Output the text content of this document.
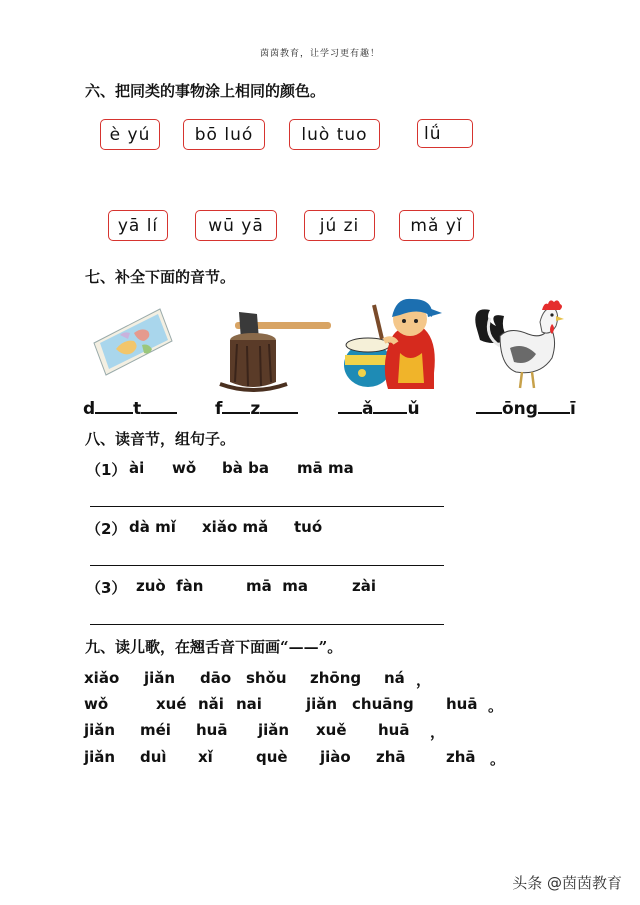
茵茵教育，让学习更有趣！
六、把同类的事物涂上相同的颜色。
è yú	bō luó	luò tuo	lǘ
yā lí	wū yā	jú zi	mǎ yǐ
七、补全下面的音节。
d t	f z	ǎ ǔ	ōng ī
八、读音节，组句子。
（1） ài wǒ bà ba mā ma
（2） dà mǐ xiǎo mǎ tuó
（3） zuò  fàn	mā  ma	zài
九、读儿歌，在翘舌音下面画“——”。
xiǎo jiǎn dāo shǒu zhōng ná ，
wǒ	xué nǎi nai	jiǎn chuāng huā 。
jiǎn méi huā jiǎn xuě huā ，
jiǎn duì xǐ	què jiào zhā	zhā 。
头条 @茵茵教育
